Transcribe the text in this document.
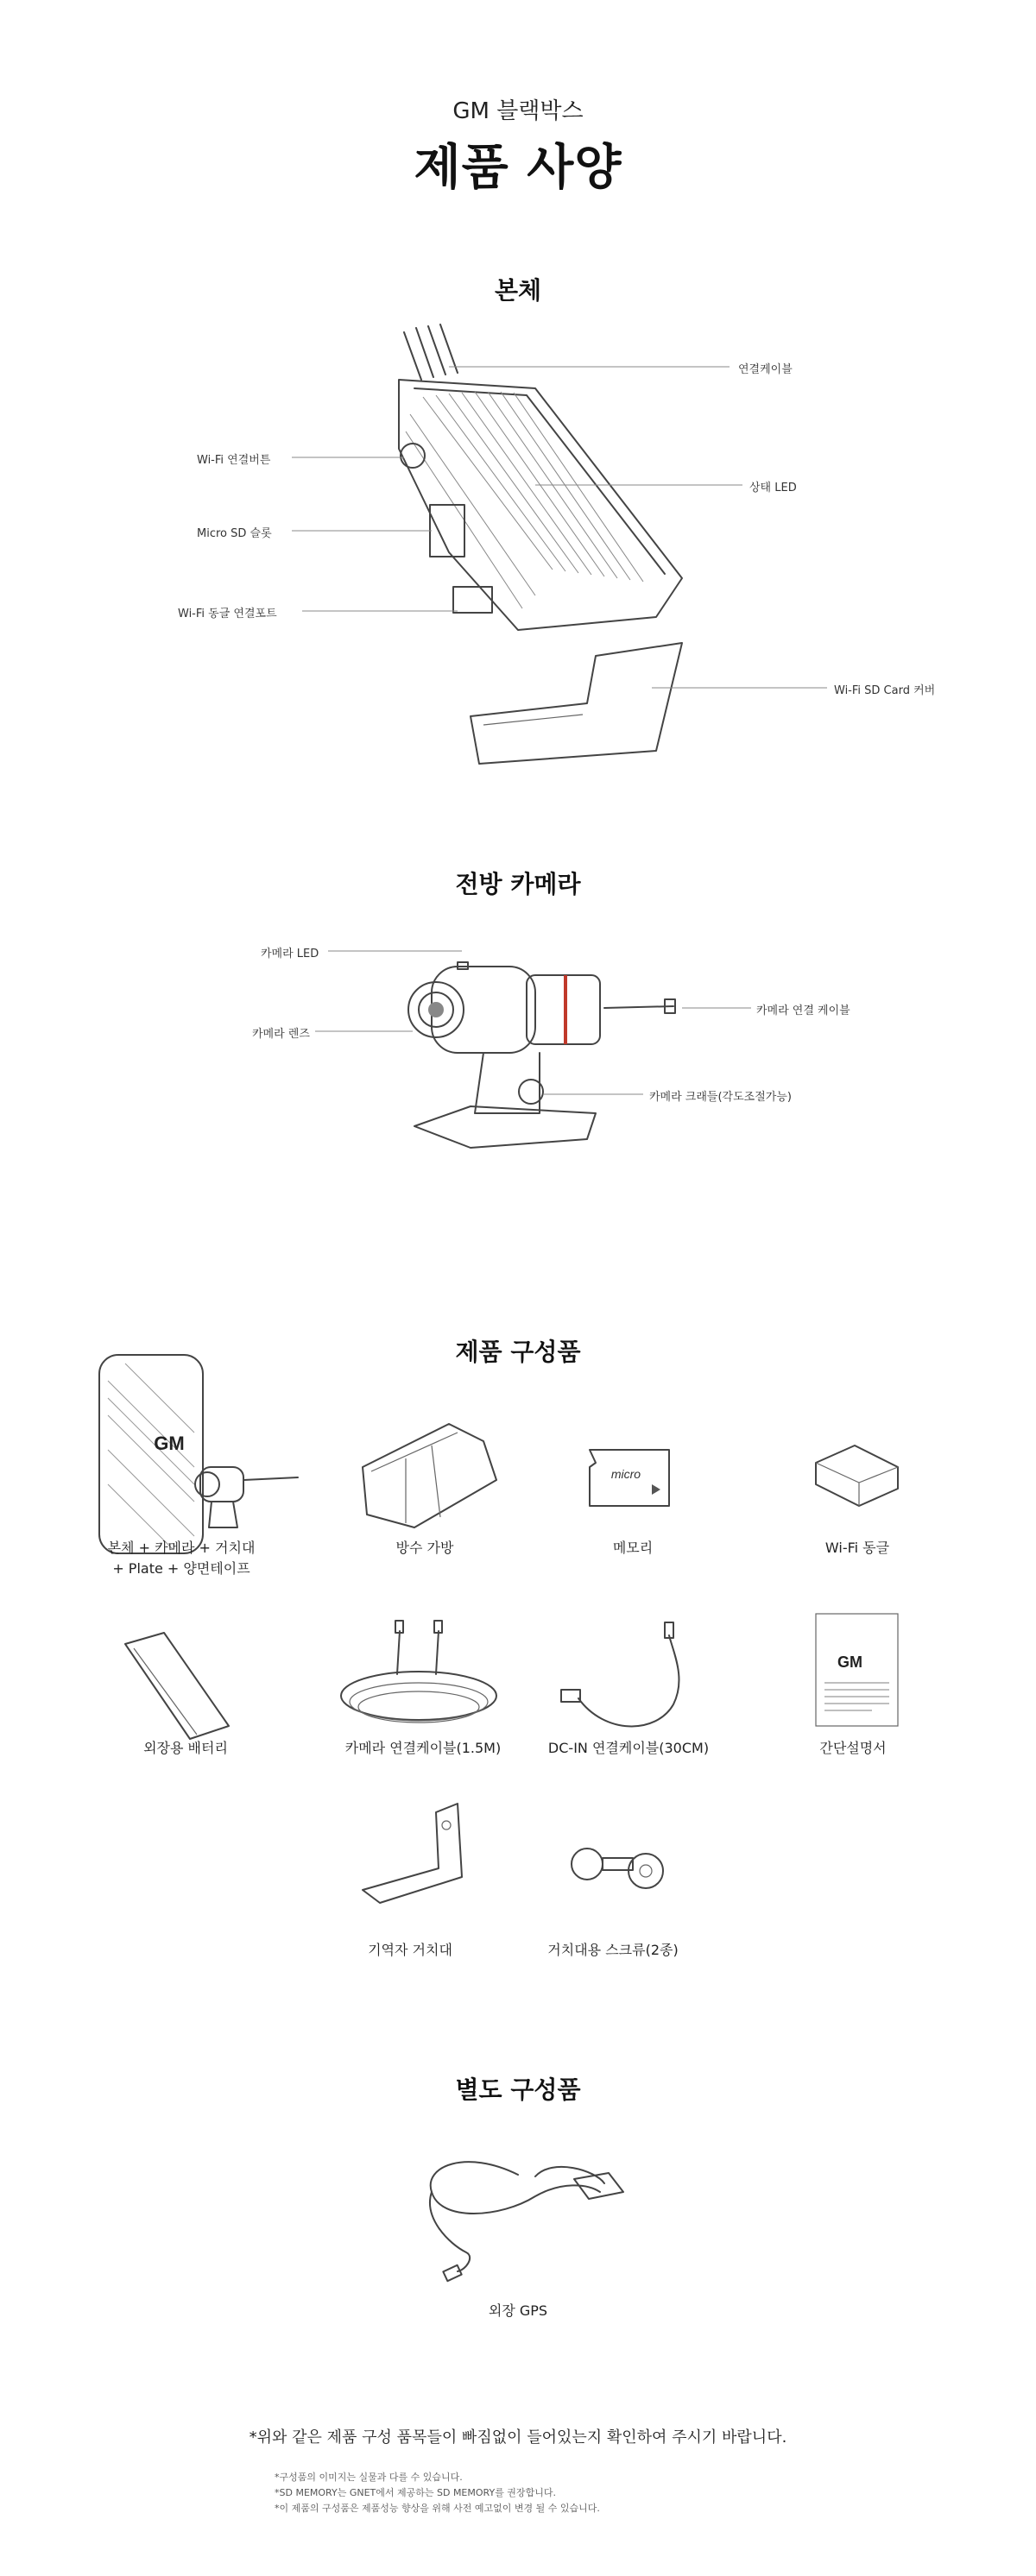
GM 블랙박스
제품 사양
본체
연결케이블
Wi-Fi 연결버튼
상태 LED
Micro SD 슬롯
Wi-Fi 동글 연결포트
Wi-Fi SD Card 커버
전방 카메라
카메라 LED
카메라 렌즈
카메라 연결 케이블
카메라 크래들(각도조절가능)
제품 구성품
GM
micro
GM
본체 + 카메라 + 거치대
+ Plate + 양면테이프
방수 가방	메모리	Wi-Fi 동글
외장용 배터리	카메라 연결케이블(1.5M)	DC-IN 연결케이블(30CM)	간단설명서
기역자 거치대	거치대용 스크류(2종)
별도 구성품
외장 GPS
*위와 같은 제품 구성 품목들이 빠짐없이 들어있는지 확인하여 주시기 바랍니다.
*구성품의 이미지는 실물과 다를 수 있습니다.
*SD MEMORY는 GNET에서 제공하는 SD MEMORY를 권장합니다.
*이 제품의 구성품은 제품성능 향상을 위해 사전 예고없이 변경 될 수 있습니다.
